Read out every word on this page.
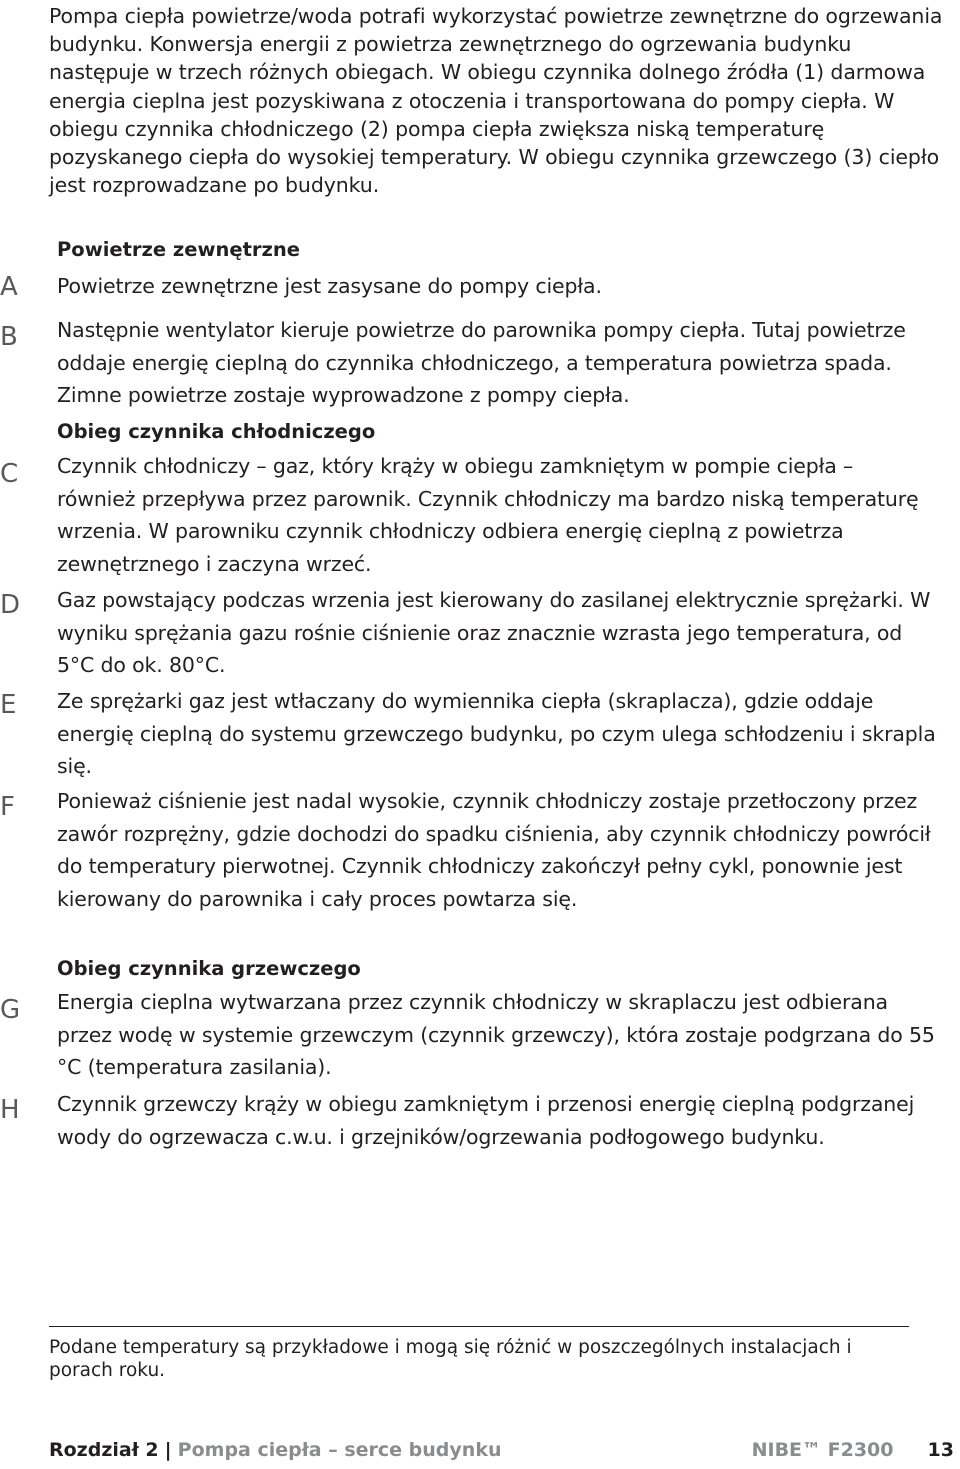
Pompa ciepła powietrze/woda potrafi wykorzystać powietrze zewnętrzne do ogrzewania budynku. Konwersja energii z powietrza zewnętrznego do ogrzewania budynku następuje w trzech różnych obiegach. W obiegu czynnika dolnego źródła (1) darmowa energia cieplna jest pozyskiwana z otoczenia i transportowana do pompy ciepła. W obiegu czynnika chłodniczego (2) pompa ciepła zwiększa niską temperaturę pozyskanego ciepła do wysokiej temperatury. W obiegu czynnika grzewczego (3) ciepło jest rozprowadzane po budynku.

Powietrze zewnętrzne

A	Powietrze zewnętrzne jest zasysane do pompy ciepła.

B	Następnie wentylator kieruje powietrze do parownika pompy ciepła. Tutaj powietrze oddaje energię cieplną do czynnika chłodniczego, a temperatura powietrza spada. Zimne powietrze zostaje wyprowadzone z pompy ciepła.

Obieg czynnika chłodniczego

C	Czynnik chłodniczy – gaz, który krąży w obiegu zamkniętym w pompie ciepła – również przepływa przez parownik. Czynnik chłodniczy ma bardzo niską temperaturę wrzenia. W parowniku czynnik chłodniczy odbiera energię cieplną z powietrza zewnętrznego i zaczyna wrzeć.

D	Gaz powstający podczas wrzenia jest kierowany do zasilanej elektrycznie sprężarki. W wyniku sprężania gazu rośnie ciśnienie oraz znacznie wzrasta jego temperatura, od 5°C do ok. 80°C.

E	Ze sprężarki gaz jest wtłaczany do wymiennika ciepła (skraplacza), gdzie oddaje energię cieplną do systemu grzewczego budynku, po czym ulega schłodzeniu i skrapla się.

F	Ponieważ ciśnienie jest nadal wysokie, czynnik chłodniczy zostaje przetłoczony przez zawór rozprężny, gdzie dochodzi do spadku ciśnienia, aby czynnik chłodniczy powrócił do temperatury pierwotnej. Czynnik chłodniczy zakończył pełny cykl, ponownie jest kierowany do parownika i cały proces powtarza się.

Obieg czynnika grzewczego

G	Energia cieplna wytwarzana przez czynnik chłodniczy w skraplaczu jest odbierana przez wodę w systemie grzewczym (czynnik grzewczy), która zostaje podgrzana do 55 °C (temperatura zasilania).

H	Czynnik grzewczy krąży w obiegu zamkniętym i przenosi energię cieplną podgrzanej wody do ogrzewacza c.w.u. i grzejników/ogrzewania podłogowego budynku.

Podane temperatury są przykładowe i mogą się różnić w poszczególnych instalacjach i porach roku.

Rozdział 2 | Pompa ciepła – serce budynku	NIBE™ F2300 13
